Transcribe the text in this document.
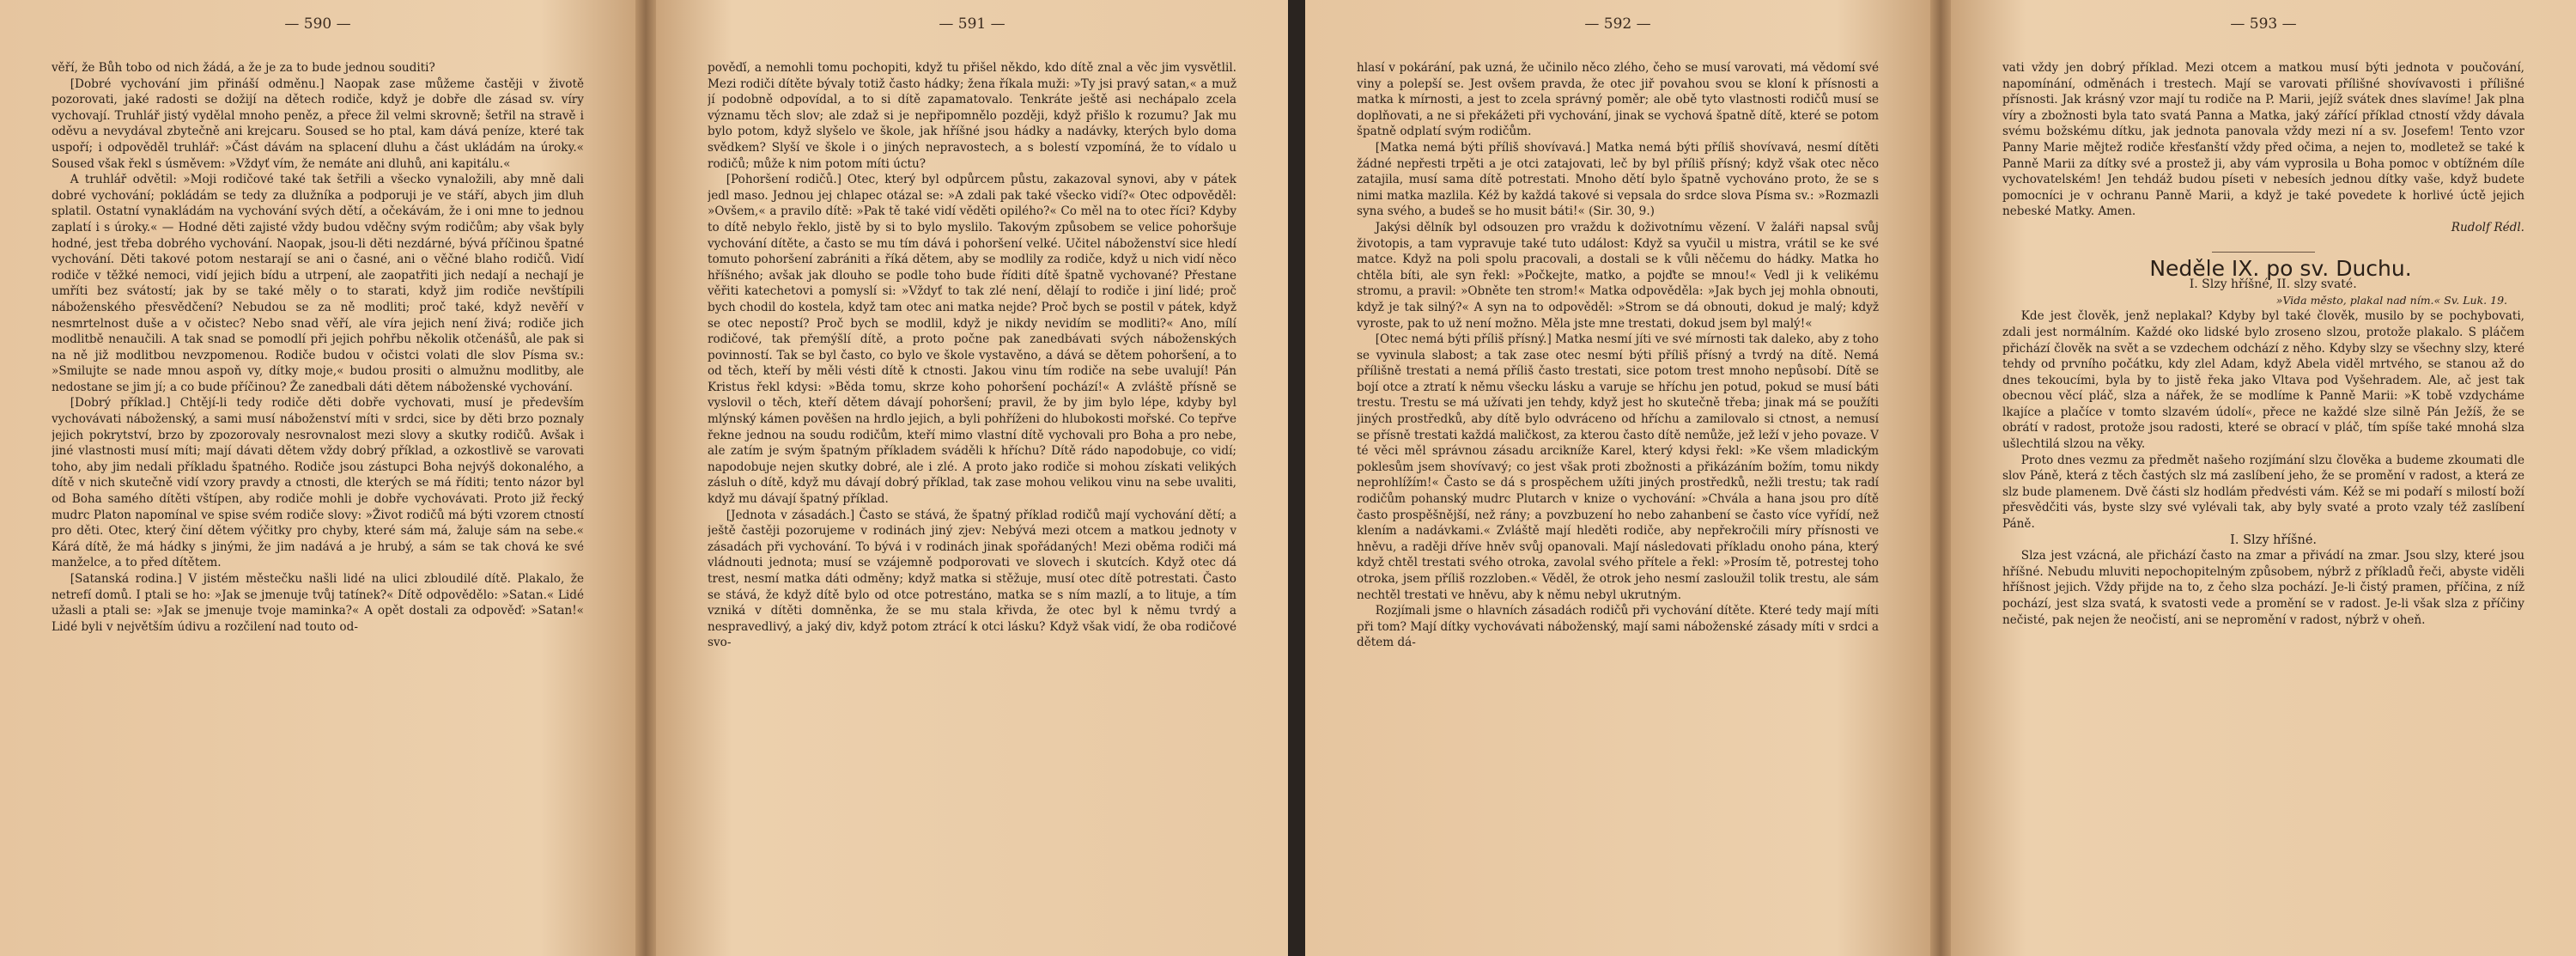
— 590 —

věří, že Bůh tobo od nich žádá, a že je za to bude jednou souditi?

[Dobré vychování jim přináší odměnu.] Naopak zase můžeme častěji v životě pozorovati, jaké radosti se dožijí na dětech rodiče, když je dobře dle zásad sv. víry vychovají. Truhlář jistý vydělal mnoho peněz, a přece žil velmi skrovně; šetřil na stravě i oděvu a nevydával zbytečně ani krejcaru. Soused se ho ptal, kam dává peníze, které tak uspoří; i odpověděl truhlář: »Část dávám na splacení dluhu a část ukládám na úroky.« Soused však řekl s úsměvem: »Vždyť vím, že nemáte ani dluhů, ani kapitálu.«

A truhlář odvětil: »Moji rodičové také tak šetřili a všecko vynaložili, aby mně dali dobré vychování; pokládám se tedy za dlužníka a podporuji je ve stáří, abych jim dluh splatil. Ostatní vynakládám na vychování svých dětí, a očekávám, že i oni mne to jednou zaplatí i s úroky.« — Hodné děti zajisté vždy budou vděčny svým rodičům; aby však byly hodné, jest třeba dobrého vychování. Naopak, jsou-li děti nezdárné, bývá příčinou špatné vychování. Děti takové potom nestarají se ani o časné, ani o věčné blaho rodičů. Vidí rodiče v těžké nemoci, vidí jejich bídu a utrpení, ale zaopatřiti jich nedají a nechají je umříti bez svátostí; jak by se také měly o to starati, když jim rodiče nevštípili náboženského přesvědčení? Nebudou se za ně modliti; proč také, když nevěří v nesmrtelnost duše a v očistec? Nebo snad věří, ale víra jejich není živá; rodiče jich modlitbě nenaučili. A tak snad se pomodlí při jejich pohřbu několik otčenášů, ale pak si na ně již modlitbou nevzpomenou. Rodiče budou v očistci volati dle slov Písma sv.: »Smilujte se nade mnou aspoň vy, dítky moje,« budou prositi o almužnu modlitby, ale nedostane se jim jí; a co bude příčinou? Že zanedbali dáti dětem náboženské vychování.

[Dobrý příklad.] Chtějí-li tedy rodiče děti dobře vychovati, musí je především vychovávati náboženský, a sami musí náboženství míti v srdci, sice by děti brzo poznaly jejich pokrytství, brzo by zpozorovaly nesrovnalost mezi slovy a skutky rodičů. Avšak i jiné vlastnosti musí míti; mají dávati dětem vždy dobrý příklad, a ozkostlivě se varovati toho, aby jim nedali příkladu špatného. Rodiče jsou zástupci Boha nejvýš dokonalého, a dítě v nich skutečně vidí vzory pravdy a ctnosti, dle kterých se má říditi; tento názor byl od Boha samého dítěti vštípen, aby rodiče mohli je dobře vychovávati. Proto již řecký mudrc Platon napomínal ve spise svém rodiče slovy: »Život rodičů má býti vzorem ctností pro děti. Otec, který činí dětem výčitky pro chyby, které sám má, žaluje sám na sebe.« Kárá dítě, že má hádky s jinými, že jim nadává a je hrubý, a sám se tak chová ke své manželce, a to před dítětem.

[Satanská rodina.] V jistém městečku našli lidé na ulici zbloudilé dítě. Plakalo, že netrefí domů. I ptali se ho: »Jak se jmenuje tvůj tatínek?« Dítě odpovědělo: »Satan.« Lidé užasli a ptali se: »Jak se jmenuje tvoje maminka?« A opět dostali za odpověď: »Satan!« Lidé byli v největším údivu a rozčilení nad touto od-

— 591 —

pověďí, a nemohli tomu pochopiti, když tu přišel někdo, kdo dítě znal a věc jim vysvětlil. Mezi rodiči dítěte bývaly totiž často hádky; žena říkala muži: »Ty jsi pravý satan,« a muž jí podobně odpovídal, a to si dítě zapamatovalo. Tenkráte ještě asi nechápalo zcela významu těch slov; ale zdaž si je nepřipomnělo později, když přišlo k rozumu? Jak mu bylo potom, když slyšelo ve škole, jak hříšné jsou hádky a nadávky, kterých bylo doma svědkem? Slyší ve škole i o jiných nepravostech, a s bolestí vzpomíná, že to vídalo u rodičů; může k nim potom míti úctu?

[Pohoršení rodičů.] Otec, který byl odpůrcem půstu, zakazoval synovi, aby v pátek jedl maso. Jednou jej chlapec otázal se: »A zdali pak také všecko vidí?« Otec odpověděl: »Ovšem,« a pravilo dítě: »Pak tě také vidí věděti opilého?« Co měl na to otec říci? Kdyby to dítě nebylo řeklo, jistě by si to bylo myslilo. Takovým způsobem se velice pohoršuje vychování dítěte, a často se mu tím dává i pohoršení velké. Učitel náboženství sice hledí tomuto pohoršení zabrániti a říká dětem, aby se modlily za rodiče, když u nich vidí něco hříšného; avšak jak dlouho se podle toho bude říditi dítě špatně vychované? Přestane věřiti katechetovi a pomyslí si: »Vždyť to tak zlé není, dělají to rodiče i jiní lidé; proč bych chodil do kostela, když tam otec ani matka nejde? Proč bych se postil v pátek, když se otec nepostí? Proč bych se modlil, když je nikdy nevidím se modliti?« Ano, mílí rodičové, tak přemýšlí dítě, a proto počne pak zanedbávati svých náboženských povinností. Tak se byl často, co bylo ve škole vystavěno, a dává se dětem pohoršení, a to od těch, kteří by měli vésti dítě k ctnosti. Jakou vinu tím rodiče na sebe uvalují! Pán Kristus řekl kdysi: »Běda tomu, skrze koho pohoršení pochází!« A zvláště přísně se vyslovil o těch, kteří dětem dávají pohoršení; pravil, že by jim bylo lépe, kdyby byl mlýnský kámen pověšen na hrdlo jejich, a byli pohříženi do hlubokosti mořské. Co tepřve řekne jednou na soudu rodičům, kteří mimo vlastní dítě vychovali pro Boha a pro nebe, ale zatím je svým špatným příkladem sváděli k hříchu? Dítě rádo napodobuje, co vidí; napodobuje nejen skutky dobré, ale i zlé. A proto jako rodiče si mohou získati velikých zásluh o dítě, když mu dávají dobrý příklad, tak zase mohou velikou vinu na sebe uvaliti, když mu dávají špatný příklad.

[Jednota v zásadách.] Často se stává, že špatný příklad rodičů mají vychování dětí; a ještě častěji pozorujeme v rodinách jiný zjev: Nebývá mezi otcem a matkou jednoty v zásadách při vychování. To bývá i v rodinách jinak spořádaných! Mezi oběma rodiči má vládnouti jednota; musí se vzájemně podporovati ve slovech i skutcích. Když otec dá trest, nesmí matka dáti odměny; když matka si stěžuje, musí otec dítě potrestati. Často se stává, že když dítě bylo od otce potrestáno, matka se s ním mazlí, a to lituje, a tím vzniká v dítěti domněnka, že se mu stala křivda, že otec byl k němu tvrdý a nespravedlivý, a jaký div, když potom ztrácí k otci lásku? Když však vidí, že oba rodičové svo-

— 592 —

hlasí v pokárání, pak uzná, že učinilo něco zlého, čeho se musí varovati, má vědomí své viny a polepší se. Jest ovšem pravda, že otec jiř povahou svou se kloní k přísnosti a matka k mírnosti, a jest to zcela správný poměr; ale obě tyto vlastnosti rodičů musí se doplňovati, a ne si překážeti při vychování, jinak se vychová špatně dítě, které se potom špatně odplatí svým rodičům.

[Matka nemá býti příliš shovívavá.] Matka nemá býti příliš shovívavá, nesmí dítěti žádné nepřesti trpěti a je otci zatajovati, leč by byl příliš přísný; když však otec něco zatajila, musí sama dítě potrestati. Mnoho dětí bylo špatně vychováno proto, že se s nimi matka mazlila. Kéž by každá takové si vepsala do srdce slova Písma sv.: »Rozmazli syna svého, a budeš se ho musit báti!« (Sir. 30, 9.)

Jakýsi dělník byl odsouzen pro vraždu k doživotnímu vězení. V žaláři napsal svůj životopis, a tam vypravuje také tuto událost: Když sa vyučil u mistra, vrátil se ke své matce. Když na poli spolu pracovali, a dostali se k vůli něčemu do hádky. Matka ho chtěla bíti, ale syn řekl: »Počkejte, matko, a pojďte se mnou!« Vedl ji k velikému stromu, a pravil: »Obněte ten strom!« Matka odpověděla: »Jak bych jej mohla obnouti, když je tak silný?« A syn na to odpověděl: »Strom se dá obnouti, dokud je malý; když vyroste, pak to už není možno. Měla jste mne trestati, dokud jsem byl malý!«

[Otec nemá býti příliš přísný.] Matka nesmí jíti ve své mírnosti tak daleko, aby z toho se vyvinula slabost; a tak zase otec nesmí býti příliš přísný a tvrdý na dítě. Nemá přílišně trestati a nemá příliš často trestati, sice potom trest mnoho nepůsobí. Dítě se bojí otce a ztratí k němu všecku lásku a varuje se hříchu jen potud, pokud se musí báti trestu. Trestu se má užívati jen tehdy, když jest ho skutečně třeba; jinak má se použíti jiných prostředků, aby dítě bylo odvráceno od hříchu a zamilovalo si ctnost, a nemusí se přísně trestati každá maličkost, za kterou často dítě nemůže, jež leží v jeho povaze. V té věci měl správnou zásadu arcikníže Karel, který kdysi řekl: »Ke všem mladickým poklesům jsem shovívavý; co jest však proti zbožnosti a přikázáním božím, tomu nikdy neprohlížím!« Často se dá s prospěchem užíti jiných prostředků, nežli trestu; tak radí rodičům pohanský mudrc Plutarch v knize o vychování: »Chvála a hana jsou pro dítě často prospěšnější, než rány; a povzbuzení ho nebo zahanbení se často více vyřídí, než klením a nadávkami.« Zvláště mají hleděti rodiče, aby nepřekročili míry přísnosti ve hněvu, a raději dříve hněv svůj opanovali. Mají následovati příkladu onoho pána, který když chtěl trestati svého otroka, zavolal svého přítele a řekl: »Prosím tě, potrestej toho otroka, jsem příliš rozzloben.« Věděl, že otrok jeho nesmí zasloužil tolik trestu, ale sám nechtěl trestati ve hněvu, aby k němu nebyl ukrutným.

Rozjímali jsme o hlavních zásadách rodičů při vychování dítěte. Které tedy mají míti při tom? Mají dítky vychovávati náboženský, mají sami náboženské zásady míti v srdci a dětem dá-

— 593 —

vati vždy jen dobrý příklad. Mezi otcem a matkou musí býti jednota v poučování, napomínání, odměnách i trestech. Mají se varovati přílišné shovívavosti i přílišné přísnosti. Jak krásný vzor mají tu rodiče na P. Marii, jejíž svátek dnes slavíme! Jak plna víry a zbožnosti byla tato svatá Panna a Matka, jaký zářící příklad ctností vždy dávala svému božskému dítku, jak jednota panovala vždy mezi ní a sv. Josefem! Tento vzor Panny Marie mějtež rodiče křesťanští vždy před očima, a nejen to, modletež se také k Panně Marii za dítky své a prostež ji, aby vám vyprosila u Boha pomoc v obtížném díle vychovatelském! Jen tehdáž budou píseti v nebesích jednou dítky vaše, když budete pomocníci je v ochranu Panně Marii, a když je také povedete k horlivé úctě jejich nebeské Matky. Amen.

Rudolf Rédl.

Neděle IX. po sv. Duchu.

I. Slzy hříšné, II. slzy svaté.

»Vida město, plakal nad ním.« Sv. Luk. 19.

Kde jest člověk, jenž neplakal? Kdyby byl také člověk, musilo by se pochybovati, zdali jest normálním. Každé oko lidské bylo zrosenо slzou, protože plakalo. S pláčem přichází člověk na svět a se vzdechem odchází z něho. Kdyby slzy se všechny slzy, které tehdy od prvního počátku, kdy zlel Adam, když Abela viděl mrtvého, se stanou až do dnes tekoucími, byla by to jistě řeka jako Vltava pod Vyšehradem. Ale, ač jest tak obecnou věcí pláč, slza a nářek, že se modlíme k Panně Marii: »K tobě vzdycháme lkajíce a plačíce v tomto slzavém údolí«, přece ne každé slze silně Pán Ježíš, že se obrátí v radost, protože jsou radosti, které se obrací v pláč, tím spíše také mnohá slza ušlechtilá slzou na věky.

Proto dnes vezmu za předmět našeho rozjímání slzu člověka a budeme zkoumati dle slov Páně, která z těch častých slz má zaslíbení jeho, že se promění v radost, a která ze slz bude plamenem. Dvě části slz hodlám předvésti vám. Kéž se mi podaří s milostí boží přesvědčiti vás, byste slzy své vylévali tak, aby byly svaté a proto vzaly též zaslíbení Páně.

I. Slzy hříšné.

Slza jest vzácná, ale přichází často na zmar a přivádí na zmar. Jsou slzy, které jsou hříšné. Nebudu mluviti nepochopitelným způsobem, nýbrž z příkladů řeči, abyste viděli hříšnost jejich. Vždy přijde na to, z čeho slza pochází. Je-li čistý pramen, příčina, z níž pochází, jest slza svatá, k svatosti vede a promění se v radost. Je-li však slza z příčiny nečisté, pak nejen že neočistí, ani se nepromění v radost, nýbrž v oheň.
